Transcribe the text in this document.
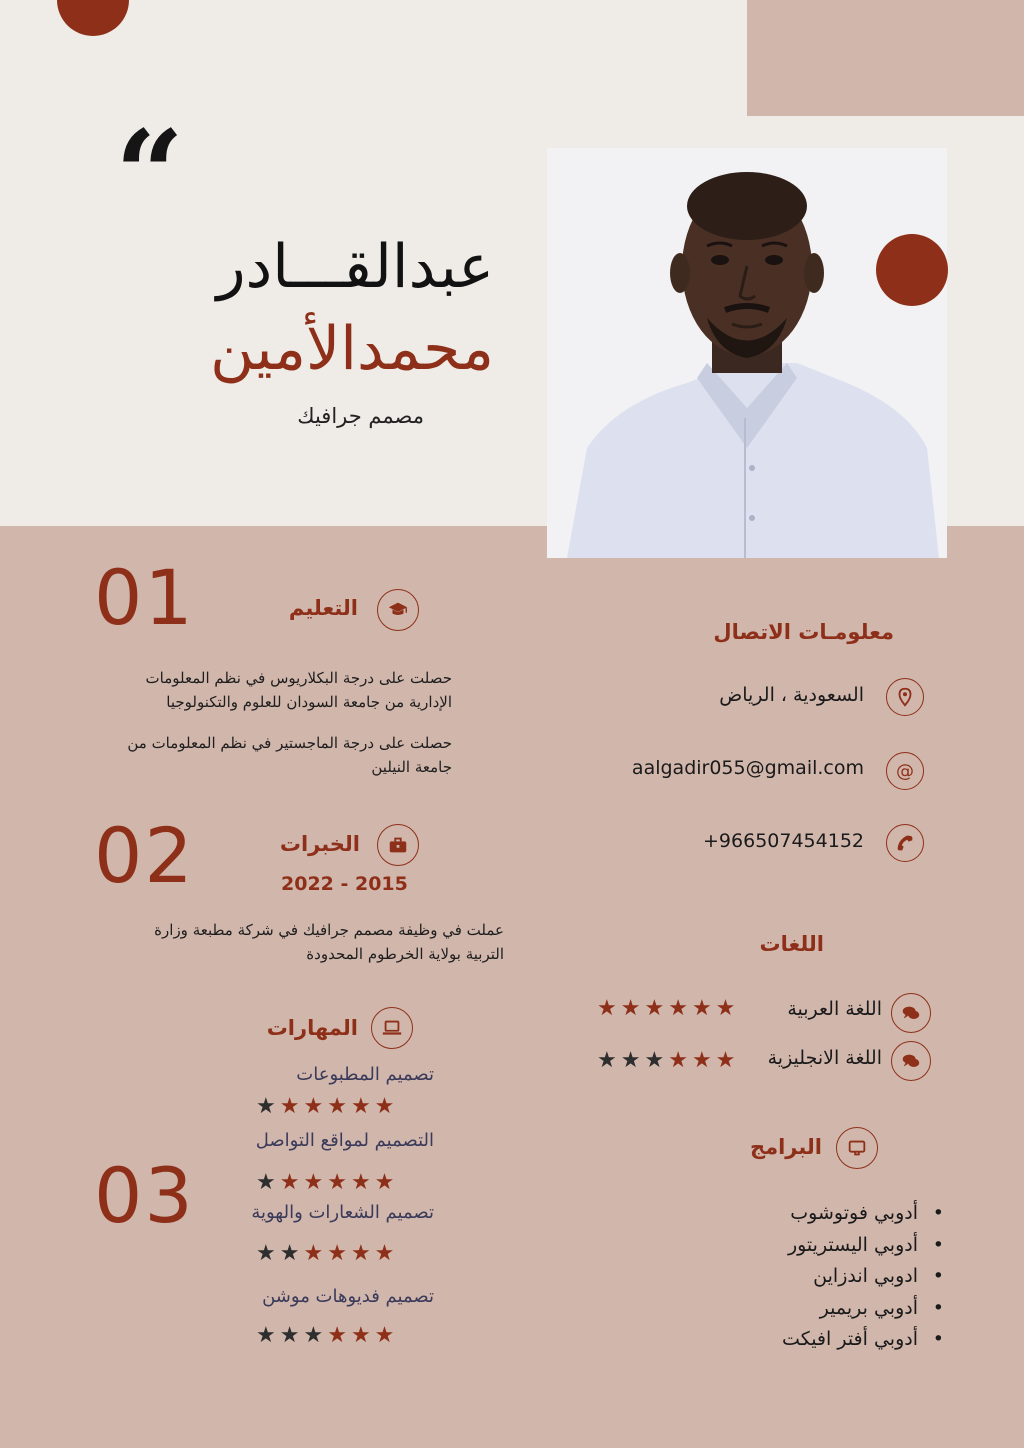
“
عبدالقـــادر
محمدالأمين
مصمم جرافيك
01
02
03
التعليم
حصلت على درجة البكلاريوس في نظم المعلومات الإدارية من جامعة السودان للعلوم والتكنولوجيا
حصلت على درجة الماجستير في نظم المعلومات من جامعة النيلين
الخبرات
2022 - 2015
عملت في وظيفة مصمم جرافيك في شركة مطبعة وزارة التربية بولاية الخرطوم المحدودة
المهارات
تصميم المطبوعات
★ ★ ★ ★ ★ ★
التصميم لمواقع التواصل
★ ★ ★ ★ ★ ★
تصميم الشعارات والهوية
★ ★ ★ ★ ★ ★
تصميم فديوهات موشن
★ ★ ★ ★ ★ ★
معلومـات الاتصال
السعودية ، الرياض
@
aalgadir055@gmail.com
+966507454152
اللغات
اللغة العربية
★ ★ ★ ★ ★ ★
اللغة الانجليزية
★ ★ ★ ★ ★ ★
البرامج
•
أدوبي فوتوشوب
•
أدوبي اليستريتور
•
ادوبي اندزاين
•
أدوبي بريمير
•
أدوبي أفتر افيكت
